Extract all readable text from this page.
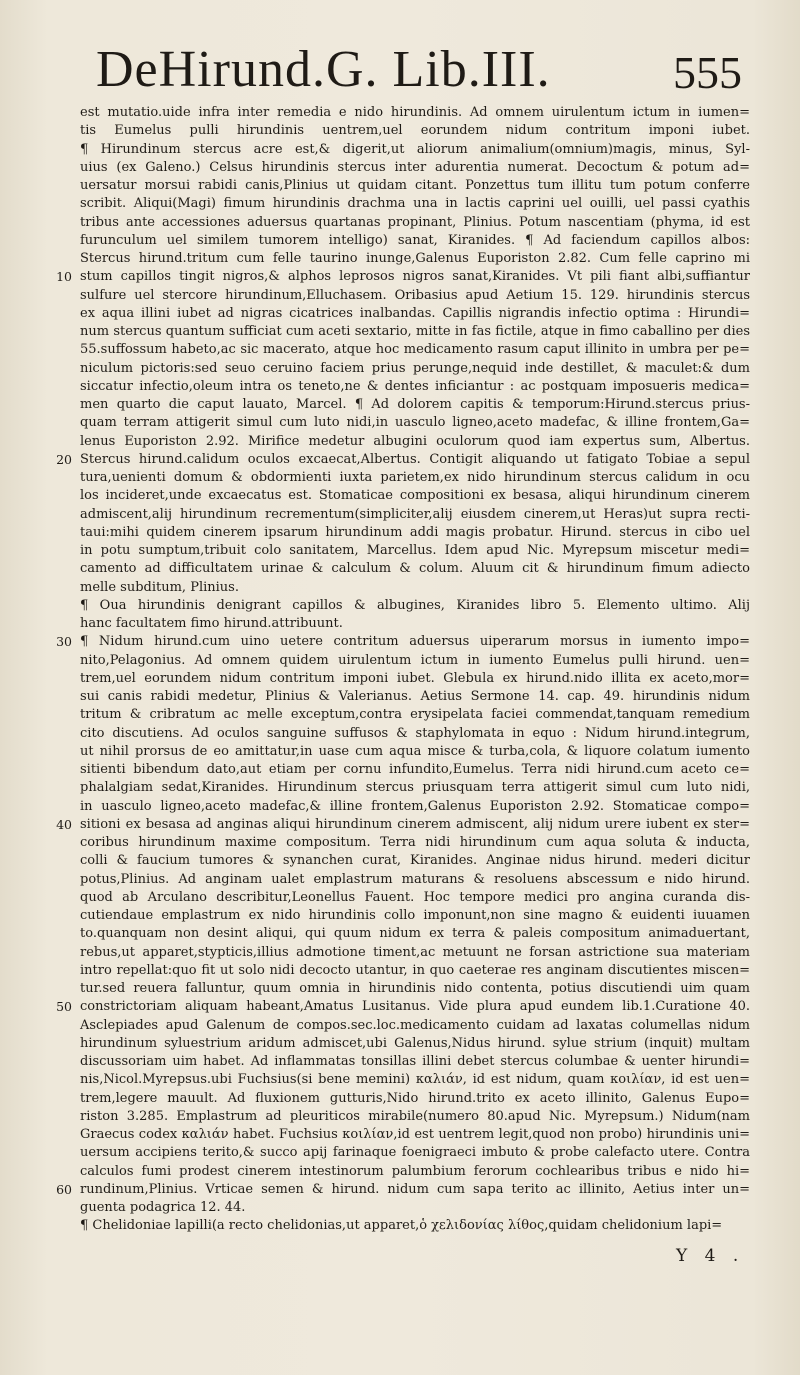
DeHirund.G. Lib.III.	555
est mutatio.uide infra inter remedia e nido hirundinis. Ad omnem uirulentum ictum in iumen=
tis Eumelus pulli hirundinis uentrem,uel eorundem nidum contritum imponi iubet.
¶ Hirundinum stercus acre est,& digerit,ut aliorum animalium(omnium)magis, minus, Syl-
uius (ex Galeno.) Celsus hirundinis stercus inter adurentia numerat. Decoctum & potum ad=
uersatur morsui rabidi canis,Plinius ut quidam citant. Ponzettus tum illitu tum potum conferre
scribit. Aliqui(Magi) fimum hirundinis drachma una in lactis caprini uel ouilli, uel passi cyathis
tribus ante accessiones aduersus quartanas propinant, Plinius. Potum nascentiam (phyma, id est
furunculum uel similem tumorem intelligo) sanat, Kiranides. ¶ Ad faciendum capillos albos:
Stercus hirund.tritum cum felle taurino inunge,Galenus Euporiston 2.82. Cum felle caprino mi
10 stum capillos tingit nigros,& alphos leprosos nigros sanat,Kiranides. Vt pili fiant albi,suffiantur
sulfure uel stercore hirundinum,Elluchasem. Oribasius apud Aetium 15. 129. hirundinis stercus
ex aqua illini iubet ad nigras cicatrices inalbandas. Capillis nigrandis infectio optima : Hirundi=
num stercus quantum sufficiat cum aceti sextario, mitte in fas fictile, atque in fimo caballino per dies
55.suffossum habeto,ac sic macerato, atque hoc medicamento rasum caput illinito in umbra per pe=
niculum pictoris:sed seuo ceruino faciem prius perunge,nequid inde destillet, & maculet:& dum
siccatur infectio,oleum intra os teneto,ne & dentes inficiantur : ac postquam imposueris medica=
men quarto die caput lauato, Marcel. ¶ Ad dolorem capitis & temporum:Hirund.stercus prius-
quam terram attigerit simul cum luto nidi,in uasculo ligneo,aceto madefac, & illine frontem,Ga=
lenus Euporiston 2.92. Mirifice medetur albugini oculorum quod iam expertus sum, Albertus.
20 Stercus hirund.calidum oculos excaecat,Albertus. Contigit aliquando ut fatigato Tobiae a sepul
tura,uenienti domum & obdormienti iuxta parietem,ex nido hirundinum stercus calidum in ocu
los incideret,unde excaecatus est. Stomaticae compositioni ex besasa, aliqui hirundinum cinerem
admiscent,alij hirundinum recrementum(simpliciter,alij eiusdem cinerem,ut Heras)ut supra recti-
taui:mihi quidem cinerem ipsarum hirundinum addi magis probatur. Hirund. stercus in cibo uel
in potu sumptum,tribuit colo sanitatem, Marcellus. Idem apud Nic. Myrepsum miscetur medi=
camento ad difficultatem urinae & calculum & colum. Aluum cit & hirundinum fimum adiecto
melle subditum, Plinius.
¶ Oua hirundinis denigrant capillos & albugines, Kiranides libro 5. Elemento ultimo. Alij
hanc facultatem fimo hirund.attribuunt.
30 ¶ Nidum hirund.cum uino uetere contritum aduersus uiperarum morsus in iumento impo=
nito,Pelagonius. Ad omnem quidem uirulentum ictum in iumento Eumelus pulli hirund. uen=
trem,uel eorundem nidum contritum imponi iubet. Glebula ex hirund.nido illita ex aceto,mor=
sui canis rabidi medetur, Plinius & Valerianus. Aetius Sermone 14. cap. 49. hirundinis nidum
tritum & cribratum ac melle exceptum,contra erysipelata faciei commendat,tanquam remedium
cito discutiens. Ad oculos sanguine suffusos & staphylomata in equo : Nidum hirund.integrum,
ut nihil prorsus de eo amittatur,in uase cum aqua misce & turba,cola, & liquore colatum iumento
sitienti bibendum dato,aut etiam per cornu infundito,Eumelus. Terra nidi hirund.cum aceto ce=
phalalgiam sedat,Kiranides. Hirundinum stercus priusquam terra attigerit simul cum luto nidi,
in uasculo ligneo,aceto madefac,& illine frontem,Galenus Euporiston 2.92. Stomaticae compo=
40 sitioni ex besasa ad anginas aliqui hirundinum cinerem admiscent, alij nidum urere iubent ex ster=
coribus hirundinum maxime compositum. Terra nidi hirundinum cum aqua soluta & inducta,
colli & faucium tumores & synanchen curat, Kiranides. Anginae nidus hirund. mederi dicitur
potus,Plinius. Ad anginam ualet emplastrum maturans & resoluens abscessum e nido hirund.
quod ab Arculano describitur,Leonellus Fauent. Hoc tempore medici pro angina curanda dis-
cutiendaue emplastrum ex nido hirundinis collo imponunt,non sine magno & euidenti iuuamen
to.quanquam non desint aliqui, qui quum nidum ex terra & paleis compositum animaduertant,
rebus,ut apparet,stypticis,illius admotione timent,ac metuunt ne forsan astrictione sua materiam
intro repellat:quo fit ut solo nidi decocto utantur, in quo caeterae res anginam discutientes miscen=
tur.sed reuera falluntur, quum omnia in hirundinis nido contenta, potius discutiendi uim quam
50 constrictoriam aliquam habeant,Amatus Lusitanus. Vide plura apud eundem lib.1.Curatione 40.
Asclepiades apud Galenum de compos.sec.loc.medicamento cuidam ad laxatas columellas nidum
hirundinum syluestrium aridum admiscet,ubi Galenus,Nidus hirund. sylue strium (inquit) multam
discussoriam uim habet. Ad inflammatas tonsillas illini debet stercus columbae & uenter hirundi=
nis,Nicol.Myrepsus.ubi Fuchsius(si bene memini) καλιάν, id est nidum, quam κοιλίαν, id est uen=
trem,legere mauult. Ad fluxionem gutturis,Nido hirund.trito ex aceto illinito, Galenus Eupo=
riston 3.285. Emplastrum ad pleuriticos mirabile(numero 80.apud Nic. Myrepsum.) Nidum(nam
Graecus codex καλιάν habet. Fuchsius κοιλίαν,id est uentrem legit,quod non probo) hirundinis uni=
uersum accipiens terito,& succo apij farinaque foenigraeci imbuto & probe calefacto utere. Contra
calculos fumi prodest cinerem intestinorum palumbium ferorum cochlearibus tribus e nido hi=
60 rundinum,Plinius. Vrticae semen & hirund. nidum cum sapa terito ac illinito, Aetius inter un=
guenta podagrica 12. 44.
¶ Chelidoniae lapilli(a recto chelidonias,ut apparet,ὁ χελιδονίας λίθος,quidam chelidonium lapi=
Y 4 .
